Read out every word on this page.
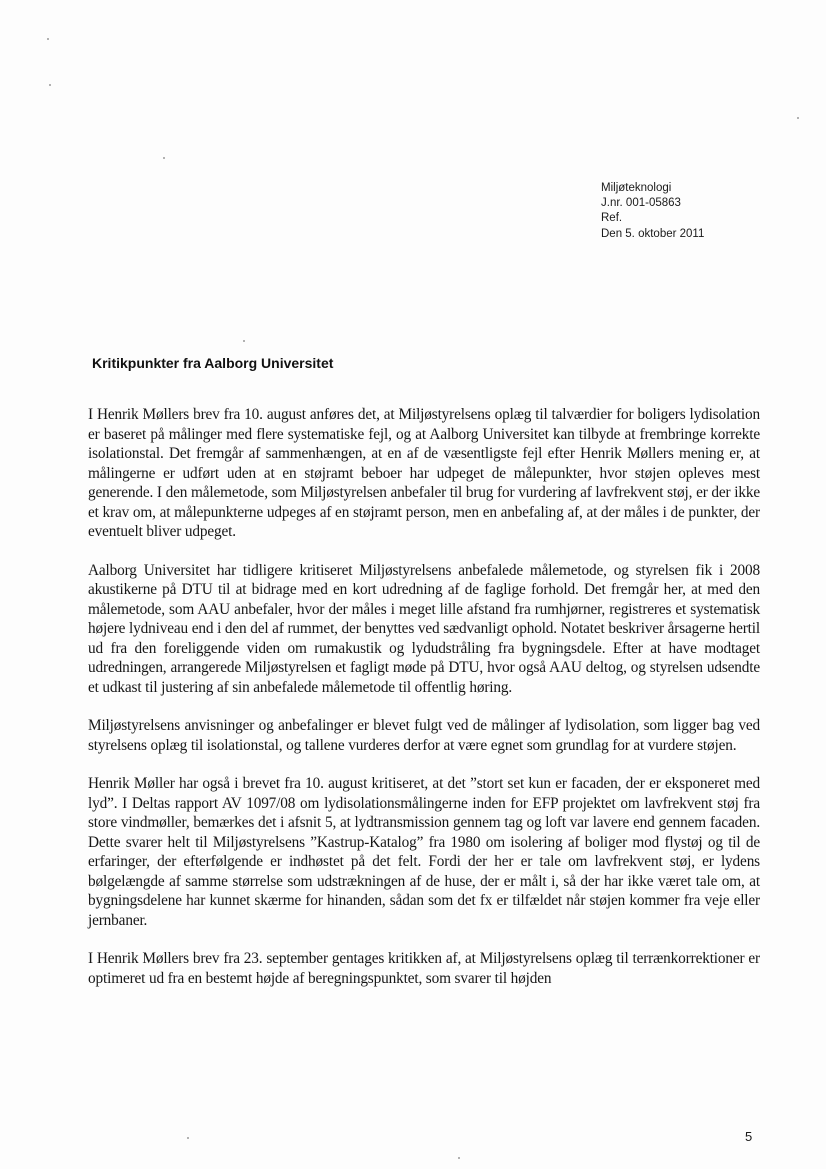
Miljøteknologi
J.nr. 001-05863
Ref.
Den 5. oktober 2011
Kritikpunkter fra Aalborg Universitet

I Henrik Møllers brev fra 10. august anføres det, at Miljøstyrelsens oplæg til talværdier for boligers lydisolation er baseret på målinger med flere systematiske fejl, og at Aalborg Universitet kan tilbyde at frembringe korrekte isolationstal. Det fremgår af sammenhængen, at en af de væsentligste fejl efter Henrik Møllers mening er, at målingerne er udført uden at en støjramt beboer har udpeget de målepunkter, hvor støjen opleves mest generende. I den målemetode, som Miljøstyrelsen anbefaler til brug for vurdering af lavfrekvent støj, er der ikke et krav om, at målepunkterne udpeges af en støjramt person, men en anbefaling af, at der måles i de punkter, der eventuelt bliver udpeget.

Aalborg Universitet har tidligere kritiseret Miljøstyrelsens anbefalede målemetode, og styrelsen fik i 2008 akustikerne på DTU til at bidrage med en kort udredning af de faglige forhold. Det fremgår her, at med den målemetode, som AAU anbefaler, hvor der måles i meget lille afstand fra rumhjørner, registreres et systematisk højere lydniveau end i den del af rummet, der benyttes ved sædvanligt ophold. Notatet beskriver årsagerne hertil ud fra den foreliggende viden om rumakustik og lydudstråling fra bygningsdele. Efter at have modtaget udredningen, arrangerede Miljøstyrelsen et fagligt møde på DTU, hvor også AAU deltog, og styrelsen udsendte et udkast til justering af sin anbefalede målemetode til offentlig høring.

Miljøstyrelsens anvisninger og anbefalinger er blevet fulgt ved de målinger af lydisolation, som ligger bag ved styrelsens oplæg til isolationstal, og tallene vurderes derfor at være egnet som grundlag for at vurdere støjen.

Henrik Møller har også i brevet fra 10. august kritiseret, at det ”stort set kun er facaden, der er eksponeret med lyd”. I Deltas rapport AV 1097/08 om lydisolationsmålingerne inden for EFP projektet om lavfrekvent støj fra store vindmøller, bemærkes det i afsnit 5, at lydtransmission gennem tag og loft var lavere end gennem facaden. Dette svarer helt til Miljøstyrelsens ”Kastrup-Katalog” fra 1980 om isolering af boliger mod flystøj og til de erfaringer, der efterfølgende er indhøstet på det felt. Fordi der her er tale om lavfrekvent støj, er lydens bølgelængde af samme størrelse som udstrækningen af de huse, der er målt i, så der har ikke været tale om, at bygningsdelene har kunnet skærme for hinanden, sådan som det fx er tilfældet når støjen kommer fra veje eller jernbaner.

I Henrik Møllers brev fra 23. september gentages kritikken af, at Miljøstyrelsens oplæg til terrænkorrektioner er optimeret ud fra en bestemt højde af beregningspunktet, som svarer til højden

5
